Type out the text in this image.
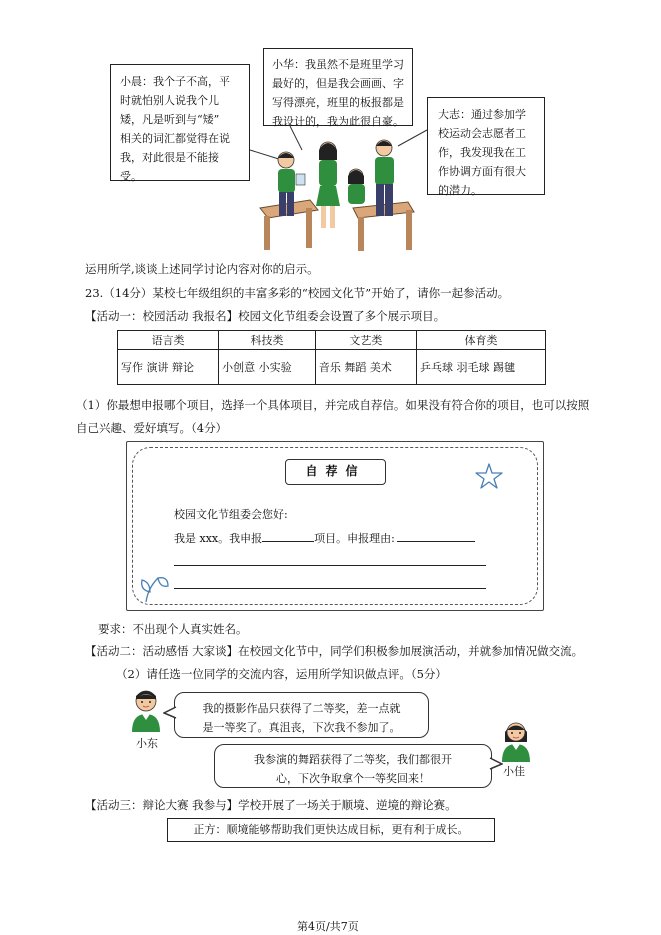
小晨：我个子不高，平
时就怕别人说我个儿
矮，凡是听到与“矮”
相关的词汇都觉得在说
我，对此很是不能接
受。
小华：我虽然不是班里学习
最好的，但是我会画画、字
写得漂亮，班里的板报都是
我设计的，我为此很自豪。
大志：通过参加学
校运动会志愿者工
作，我发现我在工
作协调方面有很大
的潜力。
运用所学,谈谈上述同学讨论内容对你的启示。
23.（14分）某校七年级组织的丰富多彩的“校园文化节”开始了，请你一起参活动。
【活动一：校园活动 我报名】校园文化节组委会设置了多个展示项目。
语言类	科技类	文艺类	体育类
写作 演讲 辩论	小创意 小实验	音乐 舞蹈 美术	乒乓球 羽毛球 踢毽
（1）你最想申报哪个项目，选择一个具体项目，并完成自荐信。如果没有符合你的项目，也可以按照
自己兴趣、爱好填写。（4分）
自荐信
校园文化节组委会您好:
我是 xxx。我申报	项目。申报理由:
要求：不出现个人真实姓名。
【活动二：活动感悟 大家谈】在校园文化节中，同学们积极参加展演活动，并就参加情况做交流。
（2）请任选一位同学的交流内容，运用所学知识做点评。（5分）
小东
我的摄影作品只获得了二等奖，差一点就
是一等奖了。真沮丧，下次我不参加了。
我参演的舞蹈获得了二等奖，我们都很开
心，下次争取拿个一等奖回来！
小佳
【活动三：辩论大赛 我参与】学校开展了一场关于顺境、逆境的辩论赛。
正方：顺境能够帮助我们更快达成目标，更有利于成长。
第4页/共7页
